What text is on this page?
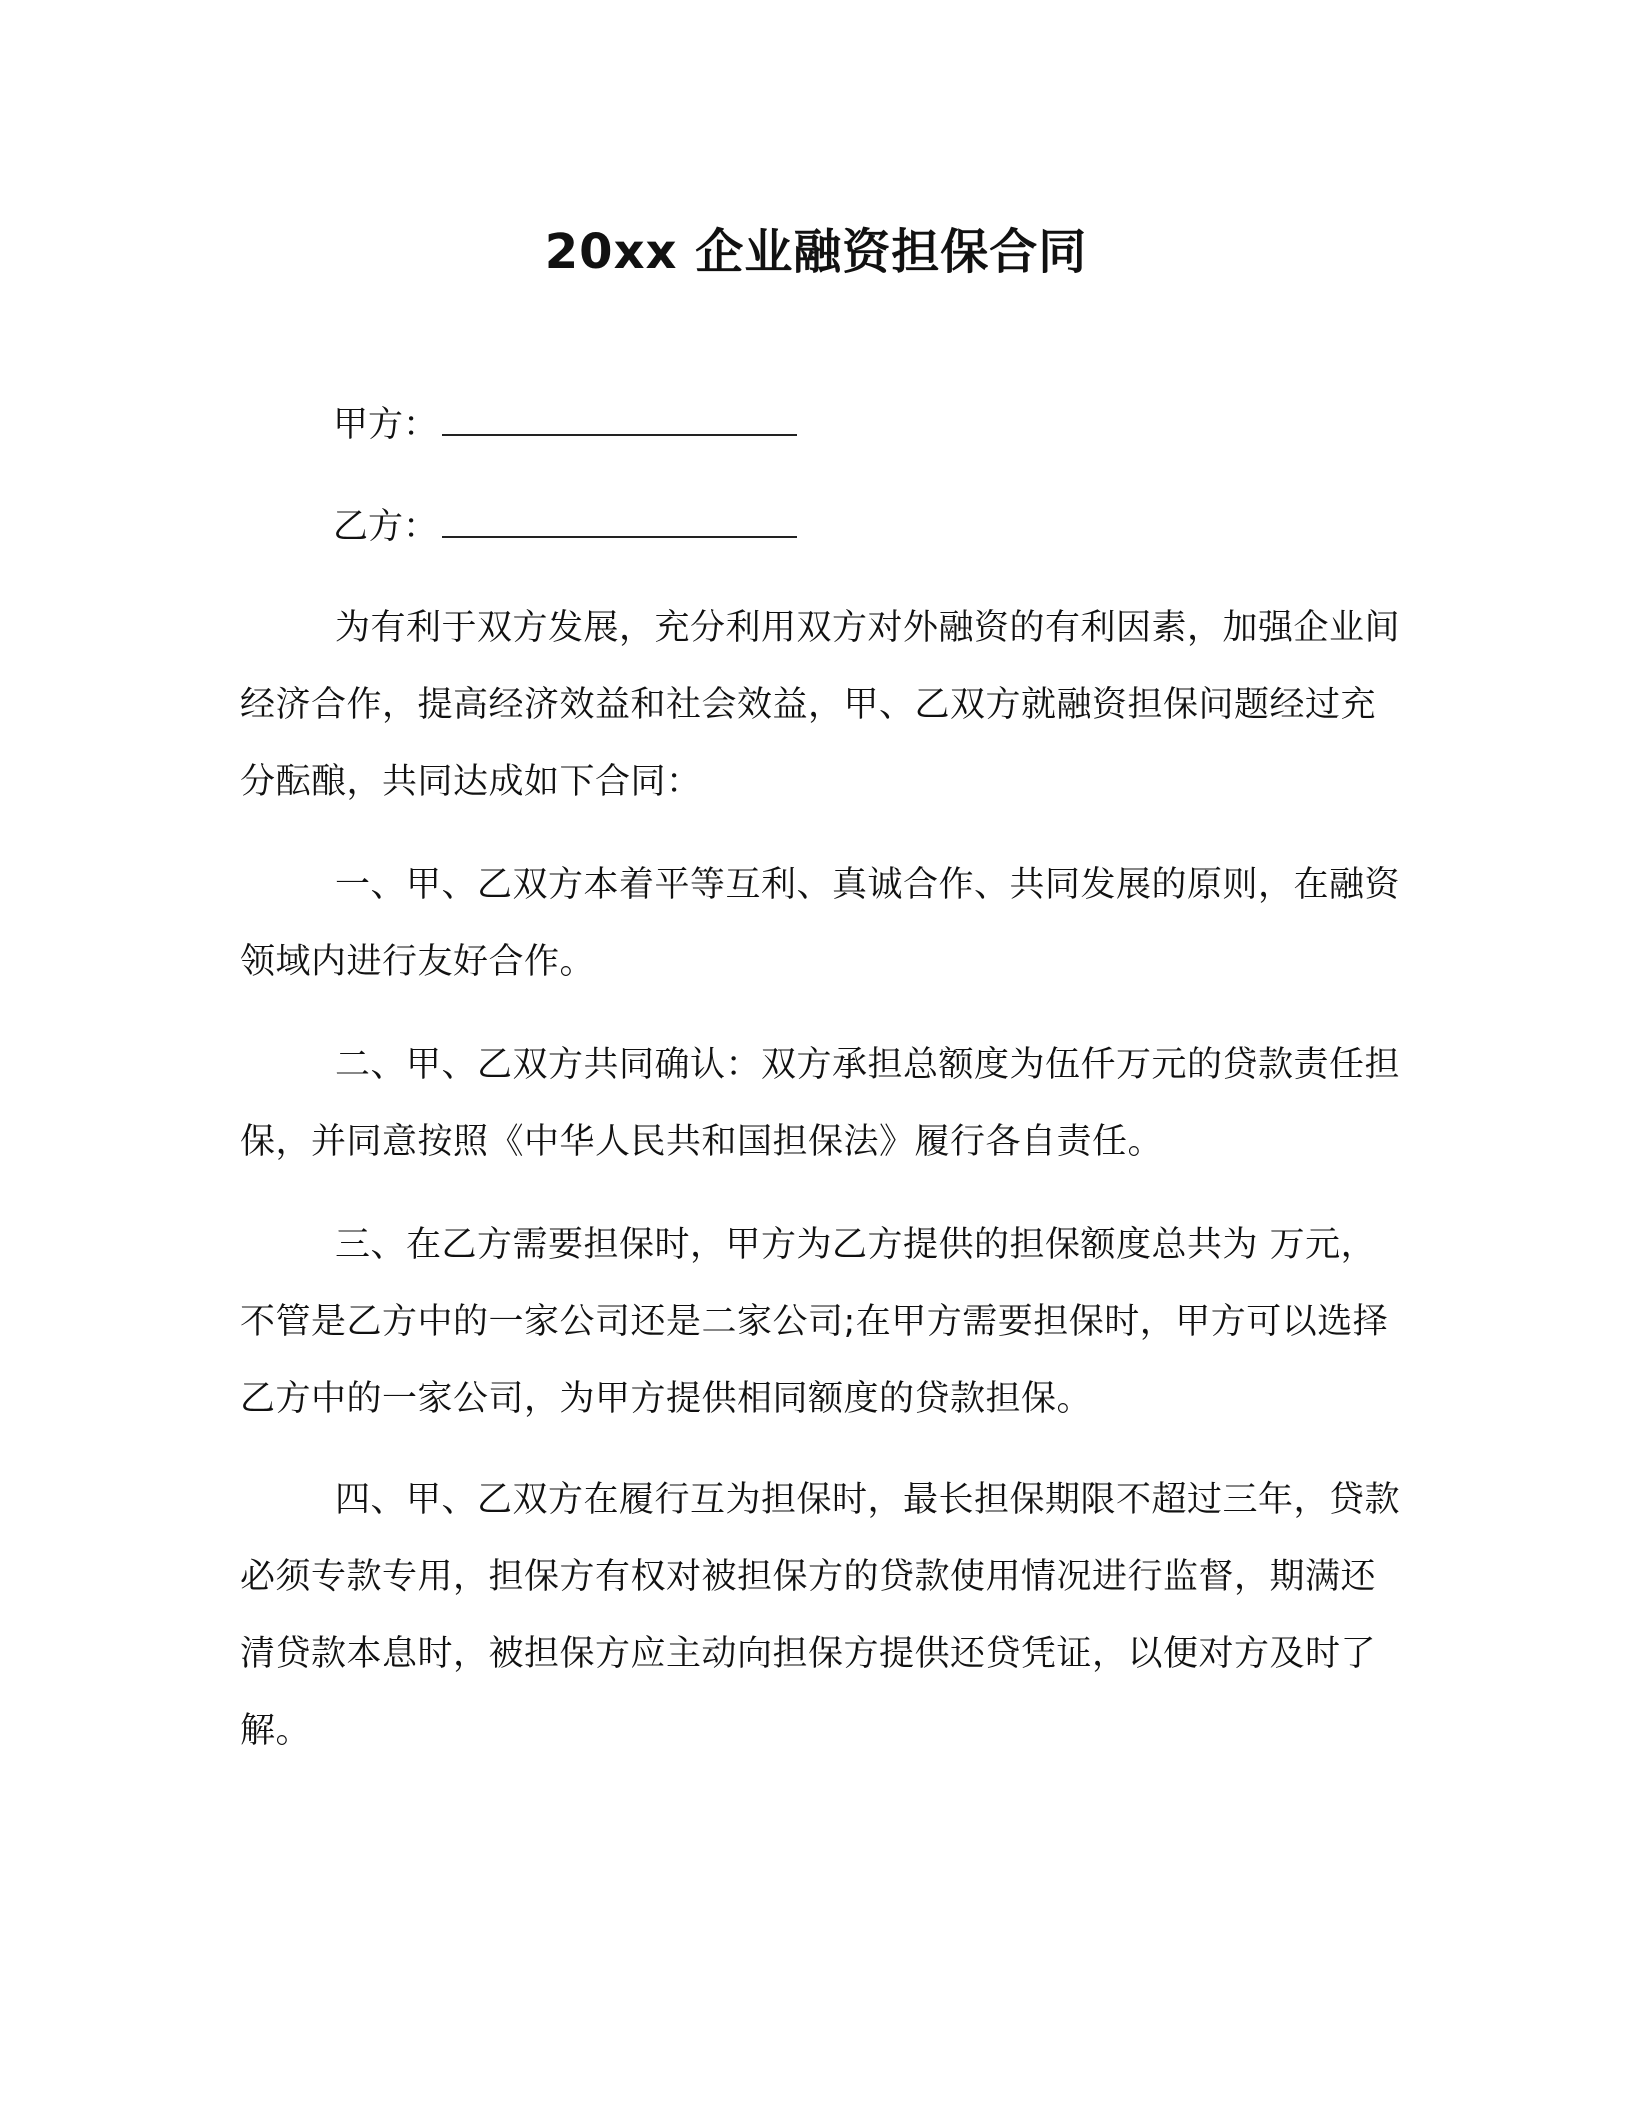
20xx 企业融资担保合同
甲方：
乙方：

为有利于双方发展，充分利用双方对外融资的有利因素，加强企业间经济合作，提高经济效益和社会效益，甲、乙双方就融资担保问题经过充分酝酿，共同达成如下合同：

一、甲、乙双方本着平等互利、真诚合作、共同发展的原则，在融资领域内进行友好合作。

二、甲、乙双方共同确认：双方承担总额度为伍仟万元的贷款责任担保，并同意按照《中华人民共和国担保法》履行各自责任。

三、在乙方需要担保时，甲方为乙方提供的担保额度总共为 万元，不管是乙方中的一家公司还是二家公司;在甲方需要担保时，甲方可以选择乙方中的一家公司，为甲方提供相同额度的贷款担保。

四、甲、乙双方在履行互为担保时，最长担保期限不超过三年，贷款必须专款专用，担保方有权对被担保方的贷款使用情况进行监督，期满还清贷款本息时，被担保方应主动向担保方提供还贷凭证，以便对方及时了解。
